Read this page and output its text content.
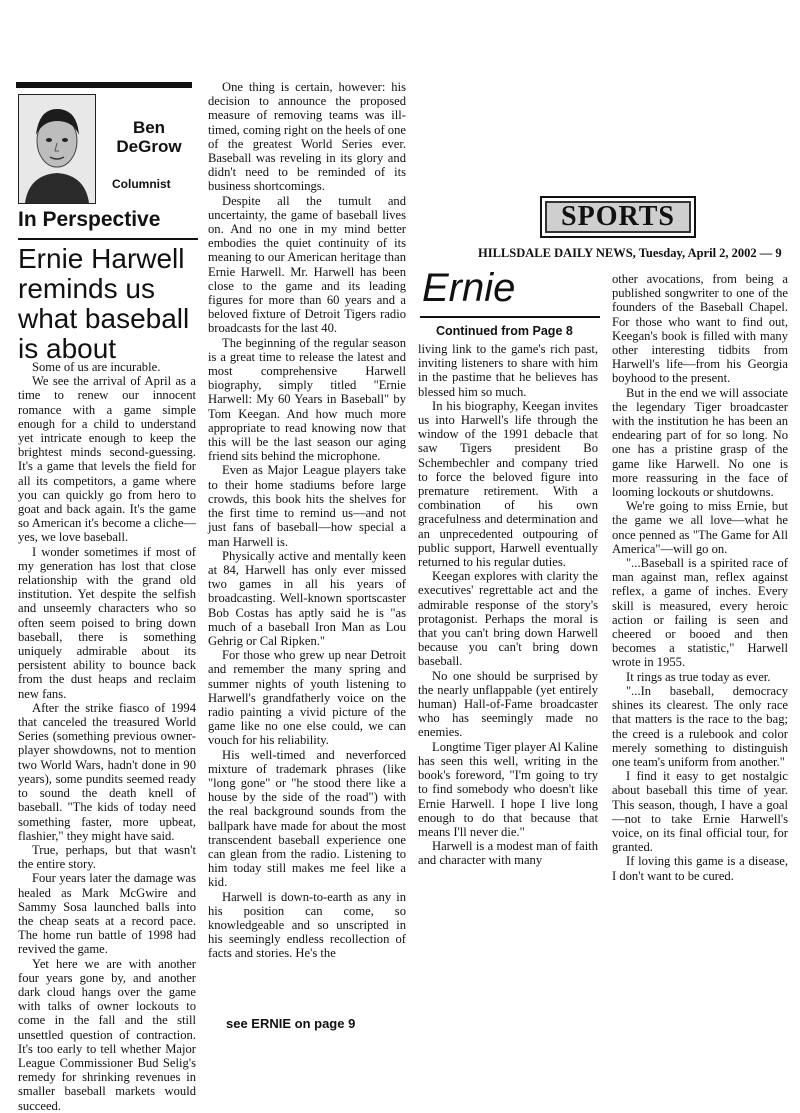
Ben
DeGrow
Columnist
In Perspective
Ernie Harwell
reminds us
what baseball
is about

Some of us are incurable.

We see the arrival of April as a time to renew our innocent romance with a game simple enough for a child to understand yet intricate enough to keep the brightest minds second-guessing. It's a game that levels the field for all its competitors, a game where you can quickly go from hero to goat and back again. It's the game so American it's become a cliche—yes, we love baseball.

I wonder sometimes if most of my generation has lost that close relationship with the grand old institution. Yet despite the selfish and unseemly characters who so often seem poised to bring down baseball, there is something uniquely admirable about its persistent ability to bounce back from the dust heaps and reclaim new fans.

After the strike fiasco of 1994 that canceled the treasured World Series (something previous owner-player showdowns, not to mention two World Wars, hadn't done in 90 years), some pundits seemed ready to sound the death knell of baseball. "The kids of today need something faster, more upbeat, flashier," they might have said.

True, perhaps, but that wasn't the entire story.

Four years later the damage was healed as Mark McGwire and Sammy Sosa launched balls into the cheap seats at a record pace. The home run battle of 1998 had revived the game.

Yet here we are with another four years gone by, and another dark cloud hangs over the game with talks of owner lockouts to come in the fall and the still unsettled question of contraction. It's too early to tell whether Major League Commissioner Bud Selig's remedy for shrinking revenues in smaller baseball markets would succeed.

One thing is certain, however: his decision to announce the proposed measure of removing teams was ill-timed, coming right on the heels of one of the greatest World Series ever. Baseball was reveling in its glory and didn't need to be reminded of its business shortcomings.

Despite all the tumult and uncertainty, the game of baseball lives on. And no one in my mind better embodies the quiet continuity of its meaning to our American heritage than Ernie Harwell. Mr. Harwell has been close to the game and its leading figures for more than 60 years and a beloved fixture of Detroit Tigers radio broadcasts for the last 40.

The beginning of the regular season is a great time to release the latest and most comprehensive Harwell biography, simply titled "Ernie Harwell: My 60 Years in Baseball" by Tom Keegan. And how much more appropriate to read knowing now that this will be the last season our aging friend sits behind the microphone.

Even as Major League players take to their home stadiums before large crowds, this book hits the shelves for the first time to remind us—and not just fans of baseball—how special a man Harwell is.

Physically active and mentally keen at 84, Harwell has only ever missed two games in all his years of broadcasting. Well-known sportscaster Bob Costas has aptly said he is "as much of a baseball Iron Man as Lou Gehrig or Cal Ripken."

For those who grew up near Detroit and remember the many spring and summer nights of youth listening to Harwell's grandfatherly voice on the radio painting a vivid picture of the game like no one else could, we can vouch for his reliability.

His well-timed and neverforced mixture of trademark phrases (like "long gone" or "he stood there like a house by the side of the road") with the real background sounds from the ballpark have made for about the most transcendent baseball experience one can glean from the radio. Listening to him today still makes me feel like a kid.

Harwell is down-to-earth as any in his position can come, so knowledgeable and so unscripted in his seemingly endless recollection of facts and stories. He's the

see ERNIE on page 9
SPORTS
HILLSDALE DAILY NEWS, Tuesday, April 2, 2002 — 9
Ernie
Continued from Page 8

living link to the game's rich past, inviting listeners to share with him in the pastime that he believes has blessed him so much.

In his biography, Keegan invites us into Harwell's life through the window of the 1991 debacle that saw Tigers president Bo Schembechler and company tried to force the beloved figure into premature retirement. With a combination of his own gracefulness and determination and an unprecedented outpouring of public support, Harwell eventually returned to his regular duties.

Keegan explores with clarity the executives' regrettable act and the admirable response of the story's protagonist. Perhaps the moral is that you can't bring down Harwell because you can't bring down baseball.

No one should be surprised by the nearly unflappable (yet entirely human) Hall-of-Fame broadcaster who has seemingly made no enemies.

Longtime Tiger player Al Kaline has seen this well, writing in the book's foreword, "I'm going to try to find somebody who doesn't like Ernie Harwell. I hope I live long enough to do that because that means I'll never die."

Harwell is a modest man of faith and character with many

other avocations, from being a published songwriter to one of the founders of the Baseball Chapel. For those who want to find out, Keegan's book is filled with many other interesting tidbits from Harwell's life—from his Georgia boyhood to the present.

But in the end we will associate the legendary Tiger broadcaster with the institution he has been an endearing part of for so long. No one has a pristine grasp of the game like Harwell. No one is more reassuring in the face of looming lockouts or shutdowns.

We're going to miss Ernie, but the game we all love—what he once penned as "The Game for All America"—will go on.

"...Baseball is a spirited race of man against man, reflex against reflex, a game of inches. Every skill is measured, every heroic action or failing is seen and cheered or booed and then becomes a statistic," Harwell wrote in 1955.

It rings as true today as ever.

"...In baseball, democracy shines its clearest. The only race that matters is the race to the bag; the creed is a rulebook and color merely something to distinguish one team's uniform from another."

I find it easy to get nostalgic about baseball this time of year. This season, though, I have a goal—not to take Ernie Harwell's voice, on its final official tour, for granted.

If loving this game is a disease, I don't want to be cured.
